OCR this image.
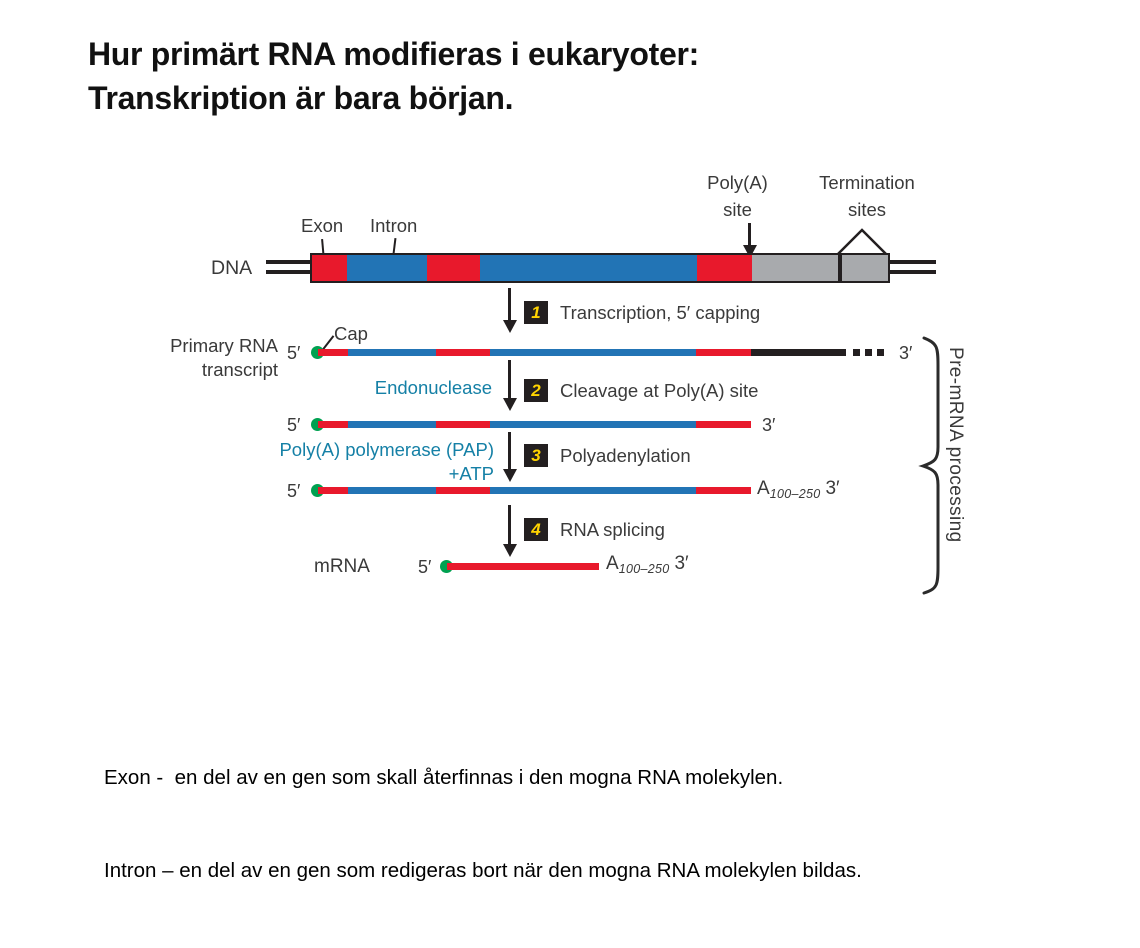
Hur primärt RNA modifieras i eukaryoter:
Transkription är bara början.
Exon Intron
Poly(A)
site
Termination
sites
DNA
1	Transcription, 5′ capping
Primary RNA
transcript
Cap
5′	3′
Endonuclease	2	Cleavage at Poly(A) site
5′	3′
Poly(A) polymerase (PAP)
+ATP
3	Polyadenylation
5′	$A_{100-250}$ 3′
4	RNA splicing
mRNA	5′	$A_{100-250}$ 3′
Pre-mRNA processing

Exon -  en del av en gen som skall återfinnas i den mogna RNA molekylen.

Intron – en del av en gen som redigeras bort när den mogna RNA molekylen bildas.
